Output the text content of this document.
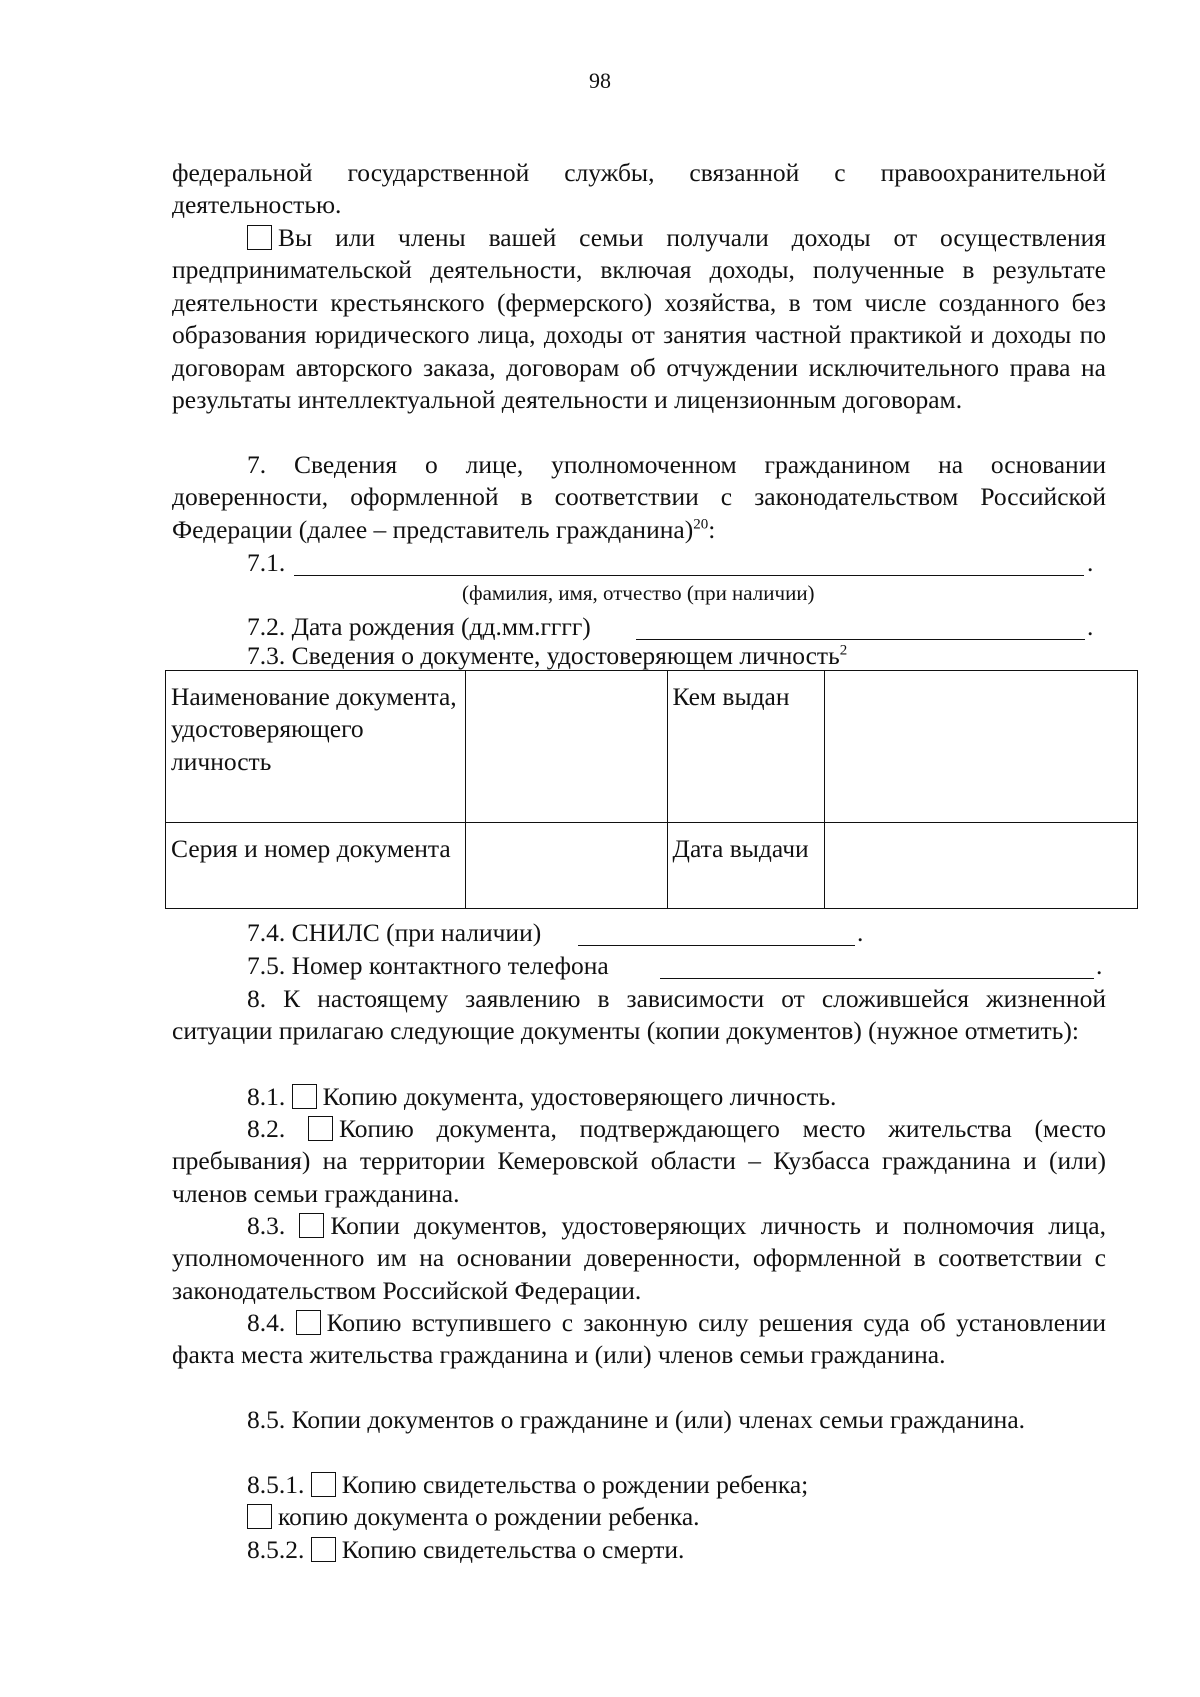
98
федеральной государственной службы, связанной с правоохранительной деятельностью.
Вы или члены вашей семьи получали доходы от осуществления предпринимательской деятельности, включая доходы, полученные в результате деятельности крестьянского (фермерского) хозяйства, в том числе созданного без образования юридического лица, доходы от занятия частной практикой и доходы по договорам авторского заказа, договорам об отчуждении исключительного права на результаты интеллектуальной деятельности и лицензионным договорам.
7. Сведения о лице, уполномоченном гражданином на основании доверенности, оформленной в соответствии с законодательством Российской Федерации (далее – представитель гражданина)$^{20}$:
7.1.	.
(фамилия, имя, отчество (при наличии)
7.2. Дата рождения (дд.мм.гггг)	.
7.3. Сведения о документе, удостоверяющем личность$^2$
Наименование документа, удостоверяющего личность		Кем выдан	
Серия и номер документа		Дата выдачи	
7.4. СНИЛС (при наличии)	.
7.5. Номер контактного телефона	.
8. К настоящему заявлению в зависимости от сложившейся жизненной ситуации прилагаю следующие документы (копии документов) (нужное отметить):
8.1. Копию документа, удостоверяющего личность.
8.2. Копию документа, подтверждающего место жительства (место пребывания) на территории Кемеровской области – Кузбасса гражданина и (или) членов семьи гражданина.
8.3. Копии документов, удостоверяющих личность и полномочия лица, уполномоченного им на основании доверенности, оформленной в соответствии с законодательством Российской Федерации.
8.4. Копию вступившего с законную силу решения суда об установлении факта места жительства гражданина и (или) членов семьи гражданина.
8.5. Копии документов о гражданине и (или) членах семьи гражданина.
8.5.1. Копию свидетельства о рождении ребенка;
копию документа о рождении ребенка.
8.5.2. Копию свидетельства о смерти.
